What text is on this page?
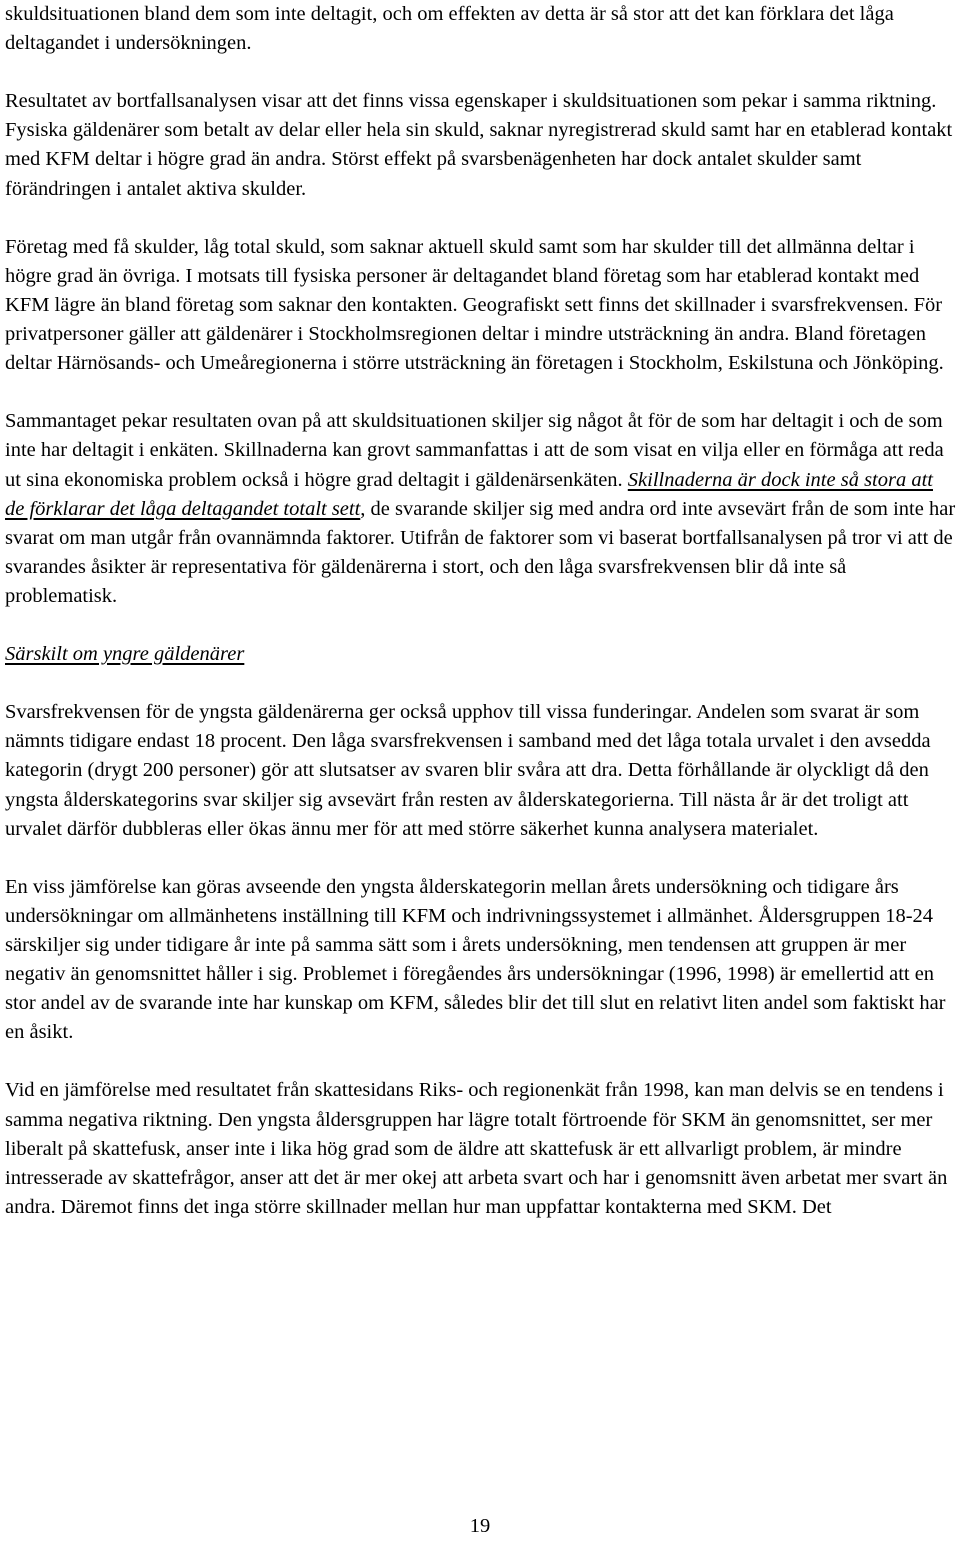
skuldsituationen bland dem som inte deltagit, och om effekten av detta är så stor att det kan förklara det låga deltagandet i undersökningen.

Resultatet av bortfallsanalysen visar att det finns vissa egenskaper i skuldsituationen som pekar i samma riktning. Fysiska gäldenärer som betalt av delar eller hela sin skuld, saknar nyregistrerad skuld samt har en etablerad kontakt med KFM deltar i högre grad än andra. Störst effekt på svarsbenägenheten har dock antalet skulder samt förändringen i antalet aktiva skulder.

Företag med få skulder, låg total skuld, som saknar aktuell skuld samt som har skulder till det allmänna deltar i högre grad än övriga. I motsats till fysiska personer är deltagandet bland företag som har etablerad kontakt med KFM lägre än bland företag som saknar den kontakten. Geografiskt sett finns det skillnader i svarsfrekvensen. För privatpersoner gäller att gäldenärer i Stockholmsregionen deltar i mindre utsträckning än andra. Bland företagen deltar Härnösands- och Umeåregionerna i större utsträckning än företagen i Stockholm, Eskilstuna och Jönköping.

Sammantaget pekar resultaten ovan på att skuldsituationen skiljer sig något åt för de som har deltagit i och de som inte har deltagit i enkäten. Skillnaderna kan grovt sammanfattas i att de som visat en vilja eller en förmåga att reda ut sina ekonomiska problem också i högre grad deltagit i gäldenärsenkäten. Skillnaderna är dock inte så stora att de förklarar det låga deltagandet totalt sett, de svarande skiljer sig med andra ord inte avsevärt från de som inte har svarat om man utgår från ovannämnda faktorer. Utifrån de faktorer som vi baserat bortfallsanalysen på tror vi att de svarandes åsikter är representativa för gäldenärerna i stort, och den låga svarsfrekvensen blir då inte så problematisk.

Särskilt om yngre gäldenärer

Svarsfrekvensen för de yngsta gäldenärerna ger också upphov till vissa funderingar. Andelen som svarat är som nämnts tidigare endast 18 procent. Den låga svarsfrekvensen i samband med det låga totala urvalet i den avsedda kategorin (drygt 200 personer) gör att slutsatser av svaren blir svåra att dra. Detta förhållande är olyckligt då den yngsta ålderskategorins svar skiljer sig avsevärt från resten av ålderskategorierna. Till nästa år är det troligt att urvalet därför dubbleras eller ökas ännu mer för att med större säkerhet kunna analysera materialet.

En viss jämförelse kan göras avseende den yngsta ålderskategorin mellan årets undersökning och tidigare års undersökningar om allmänhetens inställning till KFM och indrivningssystemet i allmänhet. Åldersgruppen 18-24 särskiljer sig under tidigare år inte på samma sätt som i årets undersökning, men tendensen att gruppen är mer negativ än genomsnittet håller i sig. Problemet i föregåendes års undersökningar (1996, 1998) är emellertid att en stor andel av de svarande inte har kunskap om KFM, således blir det till slut en relativt liten andel som faktiskt har en åsikt.

Vid en jämförelse med resultatet från skattesidans Riks- och regionenkät från 1998, kan man delvis se en tendens i samma negativa riktning. Den yngsta åldersgruppen har lägre totalt förtroende för SKM än genomsnittet, ser mer liberalt på skattefusk, anser inte i lika hög grad som de äldre att skattefusk är ett allvarligt problem, är mindre intresserade av skattefrågor, anser att det är mer okej att arbeta svart och har i genomsnitt även arbetat mer svart än andra. Däremot finns det inga större skillnader mellan hur man uppfattar kontakterna med SKM. Det

19
